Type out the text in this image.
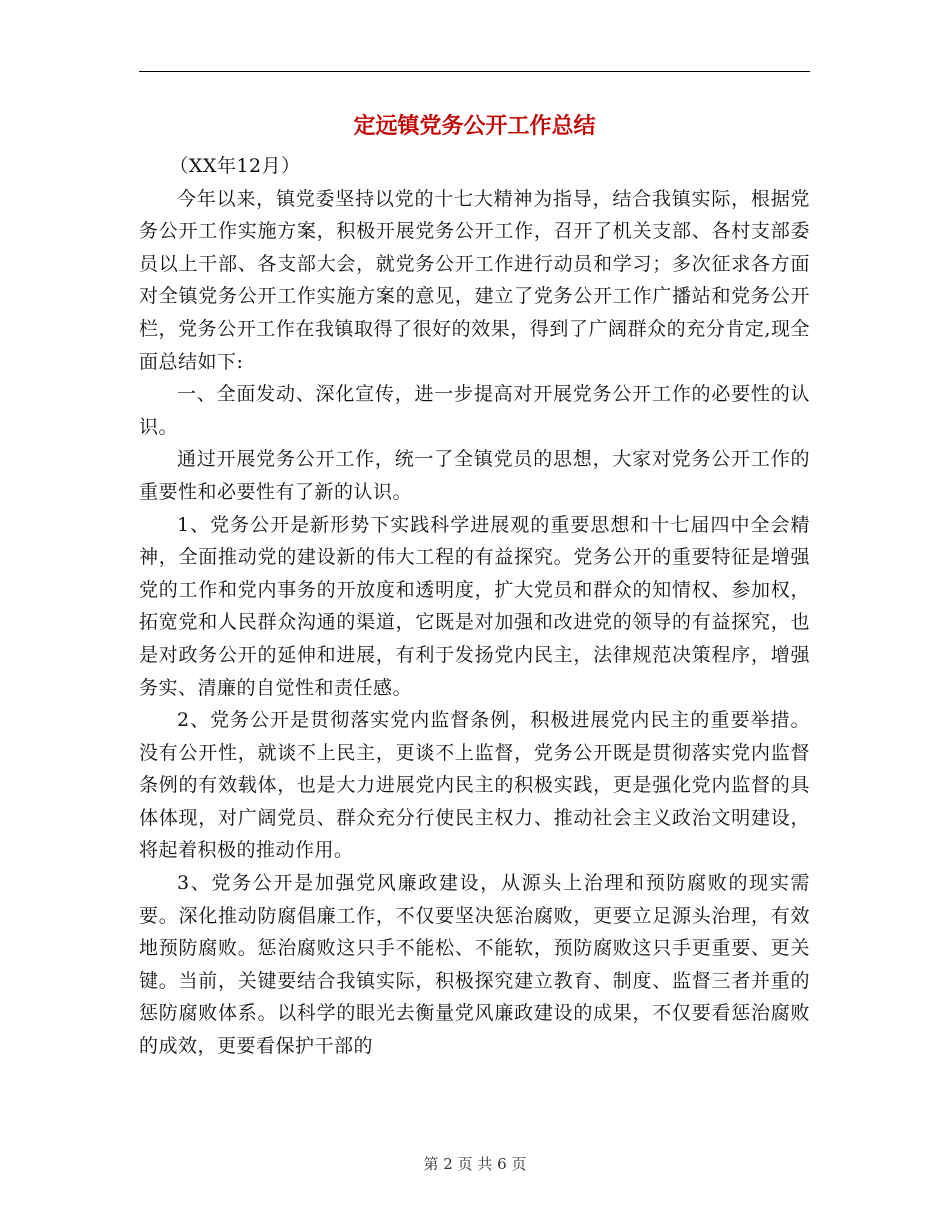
定远镇党务公开工作总结

（XX年12月）

今年以来，镇党委坚持以党的十七大精神为指导，结合我镇实际，根据党务公开工作实施方案，积极开展党务公开工作，召开了机关支部、各村支部委员以上干部、各支部大会，就党务公开工作进行动员和学习；多次征求各方面对全镇党务公开工作实施方案的意见，建立了党务公开工作广播站和党务公开栏，党务公开工作在我镇取得了很好的效果，得到了广阔群众的充分肯定,现全面总结如下:

一、全面发动、深化宣传，进一步提高对开展党务公开工作的必要性的认识。

通过开展党务公开工作，统一了全镇党员的思想，大家对党务公开工作的重要性和必要性有了新的认识。

1、党务公开是新形势下实践科学进展观的重要思想和十七届四中全会精神，全面推动党的建设新的伟大工程的有益探究。党务公开的重要特征是增强党的工作和党内事务的开放度和透明度，扩大党员和群众的知情权、参加权，拓宽党和人民群众沟通的渠道，它既是对加强和改进党的领导的有益探究，也是对政务公开的延伸和进展，有利于发扬党内民主，法律规范决策程序，增强务实、清廉的自觉性和责任感。

2、党务公开是贯彻落实党内监督条例，积极进展党内民主的重要举措。没有公开性，就谈不上民主，更谈不上监督，党务公开既是贯彻落实党内监督条例的有效载体，也是大力进展党内民主的积极实践，更是强化党内监督的具体体现，对广阔党员、群众充分行使民主权力、推动社会主义政治文明建设，将起着积极的推动作用。

3、党务公开是加强党风廉政建设，从源头上治理和预防腐败的现实需要。深化推动防腐倡廉工作，不仅要坚决惩治腐败，更要立足源头治理，有效地预防腐败。惩治腐败这只手不能松、不能软，预防腐败这只手更重要、更关键。当前，关键要结合我镇实际，积极探究建立教育、制度、监督三者并重的惩防腐败体系。以科学的眼光去衡量党风廉政建设的成果，不仅要看惩治腐败的成效，更要看保护干部的

第 2 页 共 6 页
